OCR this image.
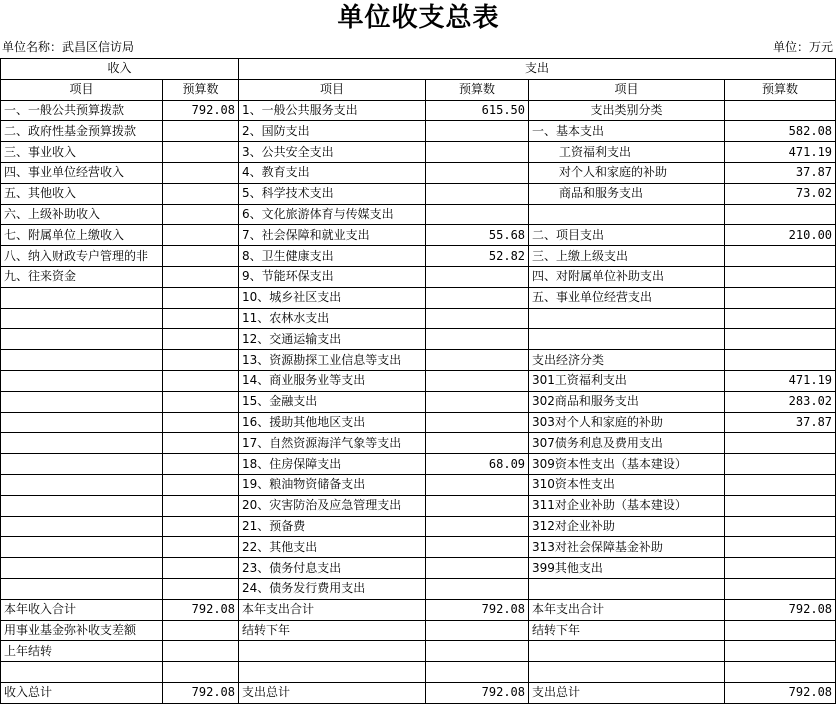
单位收支总表
单位名称：武昌区信访局	单位：万元
收入		支出			
项目	预算数	项目	预算数	项目	预算数
一、一般公共预算拨款	792.08	1、一般公共服务支出	615.50	支出类别分类	
二、政府性基金预算拨款		2、国防支出		一、基本支出	582.08
三、事业收入		3、公共安全支出		工资福利支出	471.19
四、事业单位经营收入		4、教育支出		对个人和家庭的补助	37.87
五、其他收入		5、科学技术支出		商品和服务支出	73.02
六、上级补助收入		6、文化旅游体育与传媒支出			
七、附属单位上缴收入		7、社会保障和就业支出	55.68	二、项目支出	210.00
八、纳入财政专户管理的非		8、卫生健康支出	52.82	三、上缴上级支出	
九、往来资金		9、节能环保支出		四、对附属单位补助支出	
		10、城乡社区支出		五、事业单位经营支出	
		11、农林水支出			
		12、交通运输支出			
		13、资源勘探工业信息等支出		支出经济分类	
		14、商业服务业等支出		301工资福利支出	471.19
		15、金融支出		302商品和服务支出	283.02
		16、援助其他地区支出		303对个人和家庭的补助	37.87
		17、自然资源海洋气象等支出		307债务利息及费用支出	
		18、住房保障支出	68.09	309资本性支出（基本建设）	
		19、粮油物资储备支出		310资本性支出	
		20、灾害防治及应急管理支出		311对企业补助（基本建设）	
		21、预备费		312对企业补助	
		22、其他支出		313对社会保障基金补助	
		23、债务付息支出		399其他支出	
		24、债务发行费用支出			
本年收入合计	792.08	本年支出合计	792.08	本年支出合计	792.08
用事业基金弥补收支差额		结转下年		结转下年	
上年结转					

收入总计	792.08	支出总计	792.08	支出总计	792.08
